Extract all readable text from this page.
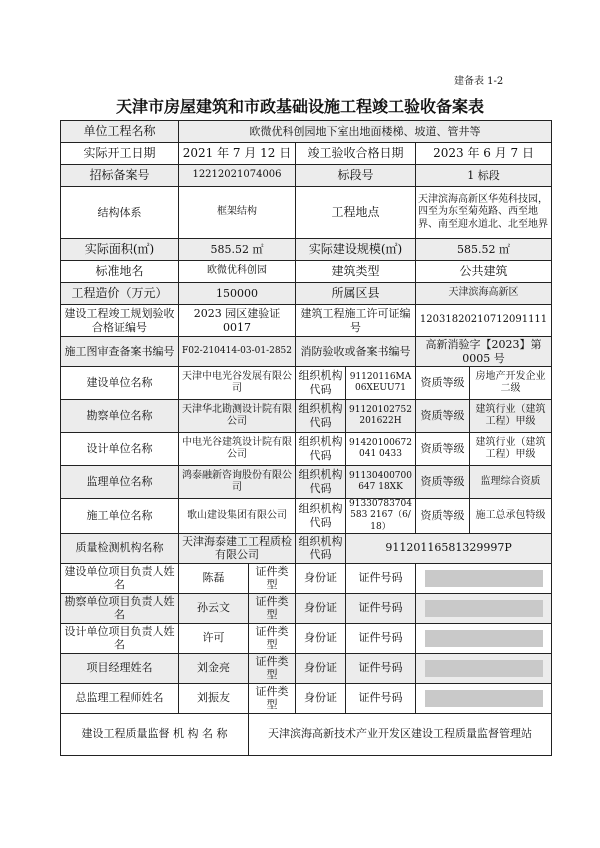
建备表 1-2
天津市房屋建筑和市政基础设施工程竣工验收备案表
单位工程名称	欧微优科创园地下室出地面楼梯、坡道、管井等					
实际开工日期	2021 年 7 月 12 日		竣工验收合格日期		2023 年 6 月 7 日	
招标备案号	12212021074006		标段号		1 标段	
结构体系	框架结构		工程地点		天津滨海高新区华苑科技园，四至为东至菊苑路、西至地界、南至迎水道北、北至地界	
实际面积(㎡)	585.52 ㎡		实际建设规模(㎡)		585.52 ㎡	
标准地名	欧微优科创园		建筑类型		公共建筑	
工程造价（万元）	150000		所属区县		天津滨海高新区	
建设工程竣工规划验收合格证编号	2023 园区建验证 0017		建筑工程施工许可证编号		12031820210712091111	
施工图审查备案书编号	F02-210414-03-01-2852		消防验收或备案书编号		高新消验字【2023】第 0005 号	
建设单位名称	天津中电光谷发展有限公司		组织机构代码	91120116MA06XEUU71	资质等级	房地产开发企业二级
勘察单位名称	天津华北勘测设计院有限公司		组织机构代码	91120102752201622H	资质等级	建筑行业（建筑工程）甲级
设计单位名称	中电光谷建筑设计院有限公司		组织机构代码	91420100672041 0433	资质等级	建筑行业（建筑工程）甲级
监理单位名称	鸿泰融新咨询股份有限公司		组织机构代码	91130400700647 18XK	资质等级	监理综合资质
施工单位名称	歌山建设集团有限公司		组织机构代码	91330783704583 2167（6/18）	资质等级	施工总承包特级
质量检测机构名称	天津海泰建工工程质检有限公司		组织机构代码	91120116581329997P		
建设单位项目负责人姓名	陈磊	证件类型	身份证	证件号码		
勘察单位项目负责人姓名	孙云文	证件类型	身份证	证件号码		
设计单位项目负责人姓名	许可	证件类型	身份证	证件号码		
项目经理姓名	刘金亮	证件类型	身份证	证件号码		
总监理工程师姓名	刘振友	证件类型	身份证	证件号码		
建设工程质量监督 机 构 名 称		天津滨海高新技术产业开发区建设工程质量监督管理站				
